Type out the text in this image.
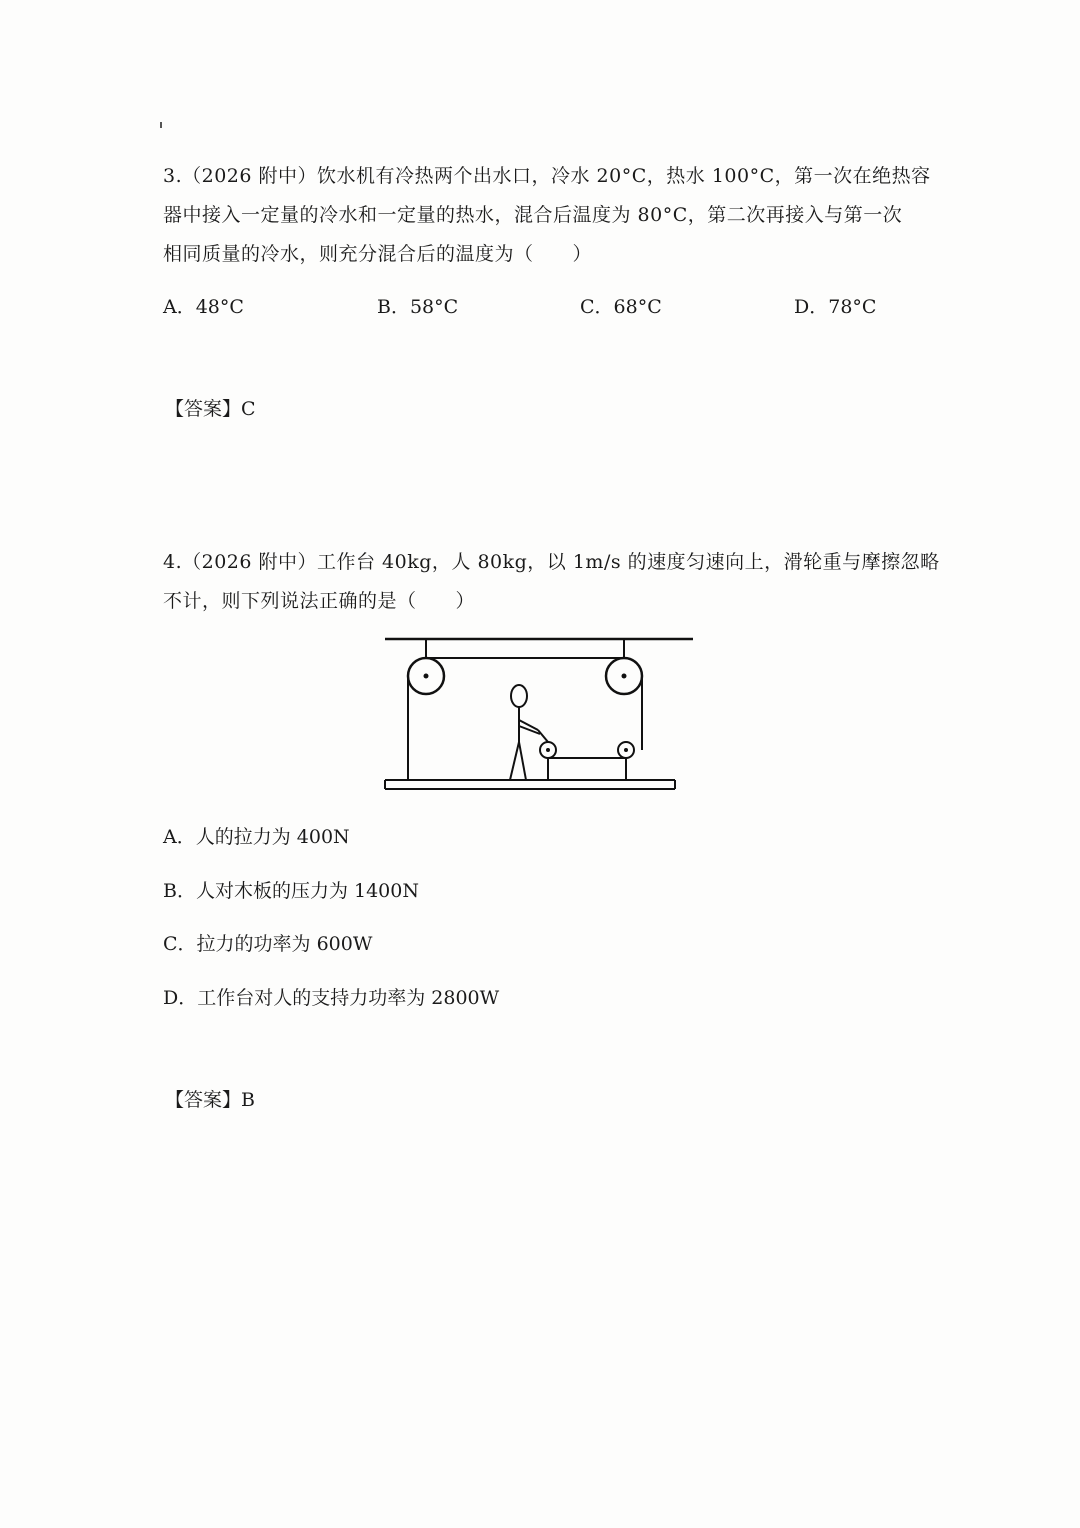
3.（2026 附中）饮水机有冷热两个出水口，冷水 20°C，热水 100°C，第一次在绝热容
器中接入一定量的冷水和一定量的热水，混合后温度为 80°C，第二次再接入与第一次
相同质量的冷水，则充分混合后的温度为（　　）
A．48°C	B．58°C	C．68°C	D．78°C
【答案】C
4.（2026 附中）工作台 40kg，人 80kg，以 1m/s 的速度匀速向上，滑轮重与摩擦忽略
不计，则下列说法正确的是（　　）
A．人的拉力为 400N
B．人对木板的压力为 1400N
C．拉力的功率为 600W
D．工作台对人的支持力功率为 2800W
【答案】B
